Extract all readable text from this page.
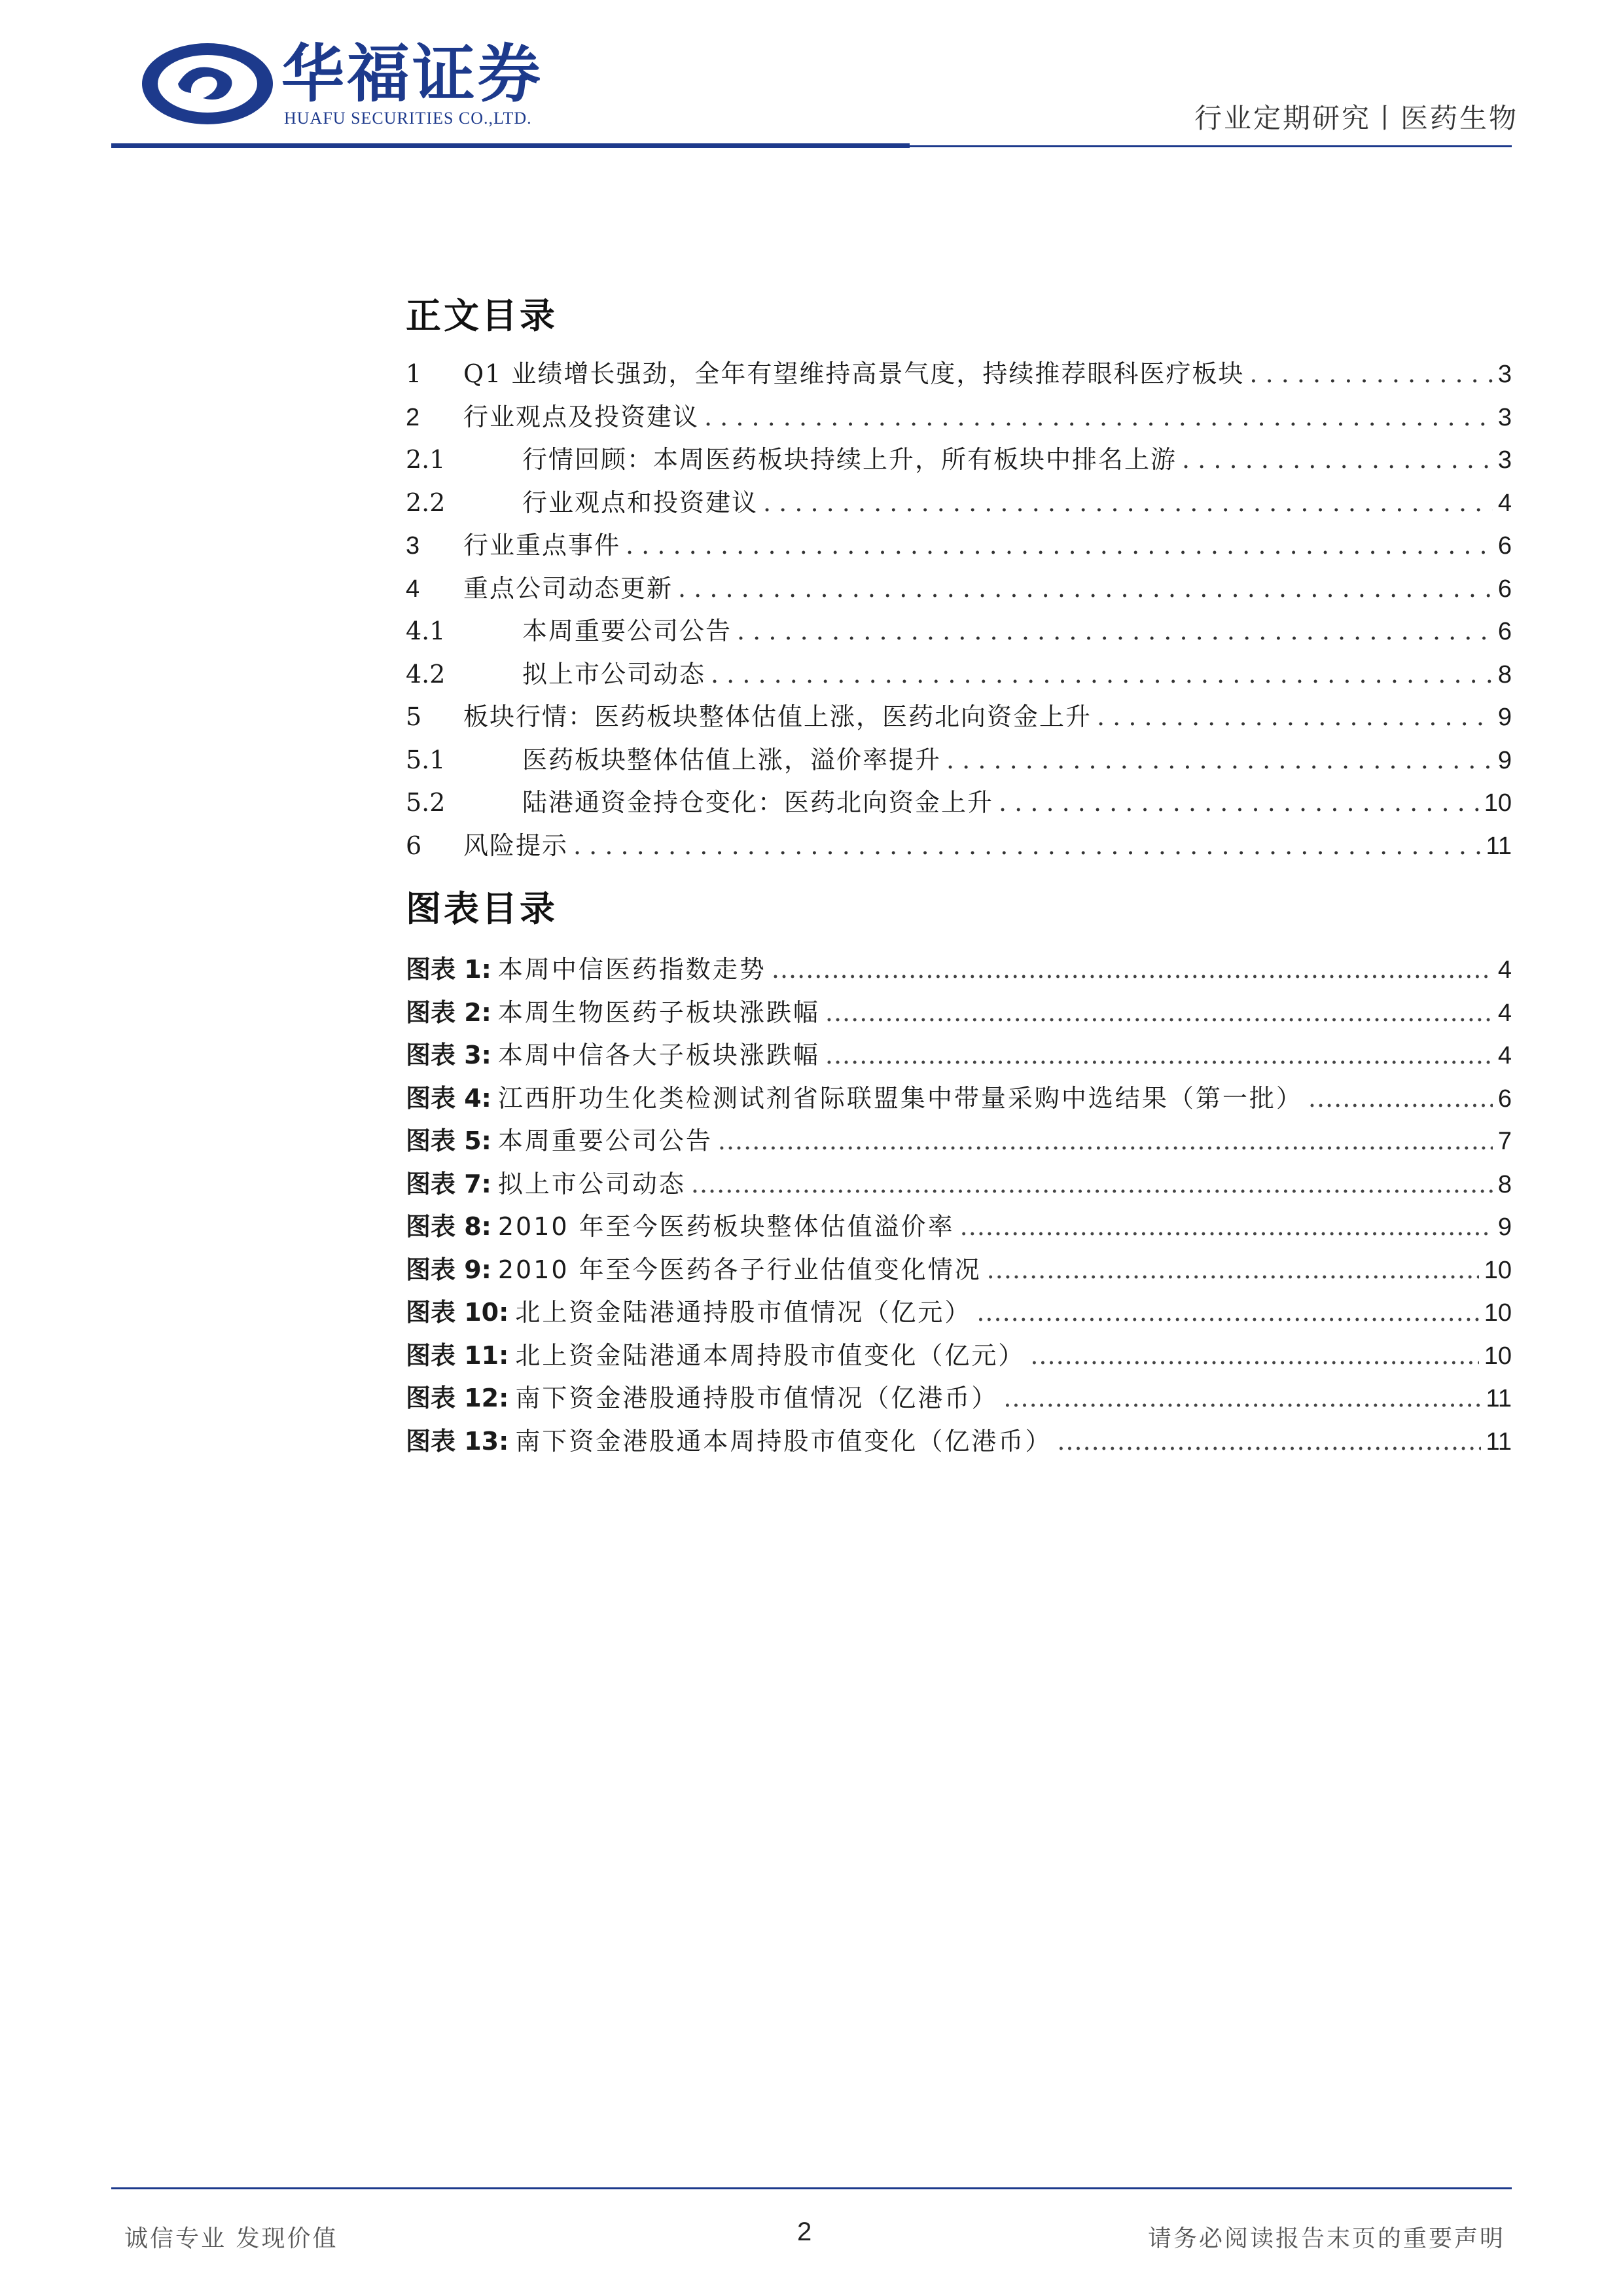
华福证券
HUAFU SECURITIES CO.,LTD.	行业定期研究丨医药生物
正文目录
1	Q1 业绩增长强劲，全年有望维持高景气度，持续推荐眼科医疗板块 . . .	3
2	行业观点及投资建议 . . .	3
2.1	行情回顾：本周医药板块持续上升，所有板块中排名上游 . . .	3
2.2	行业观点和投资建议 . . .	4
3	行业重点事件 . . .	6
4	重点公司动态更新 . . .	6
4.1	本周重要公司公告 . . .	6
4.2	拟上市公司动态 . . .	8
5	板块行情：医药板块整体估值上涨，医药北向资金上升 . . .	9
5.1	医药板块整体估值上涨，溢价率提升 . . .	9
5.2	陆港通资金持仓变化：医药北向资金上升 . . .	10
6	风险提示 . . .	11
图表目录
图表 1: 本周中信医药指数走势 .....	4
图表 2: 本周生物医药子板块涨跌幅 .....	4
图表 3: 本周中信各大子板块涨跌幅 .....	4
图表 4: 江西肝功生化类检测试剂省际联盟集中带量采购中选结果（第一批） .....	6
图表 5: 本周重要公司公告 .....	7
图表 7: 拟上市公司动态 .....	8
图表 8: 2010 年至今医药板块整体估值溢价率 .....	9
图表 9: 2010 年至今医药各子行业估值变化情况 .....	10
图表 10: 北上资金陆港通持股市值情况（亿元） .....	10
图表 11: 北上资金陆港通本周持股市值变化（亿元） .....	10
图表 12: 南下资金港股通持股市值情况（亿港币） .....	11
图表 13: 南下资金港股通本周持股市值变化（亿港币） .....	11
诚信专业 发现价值	2	请务必阅读报告末页的重要声明
